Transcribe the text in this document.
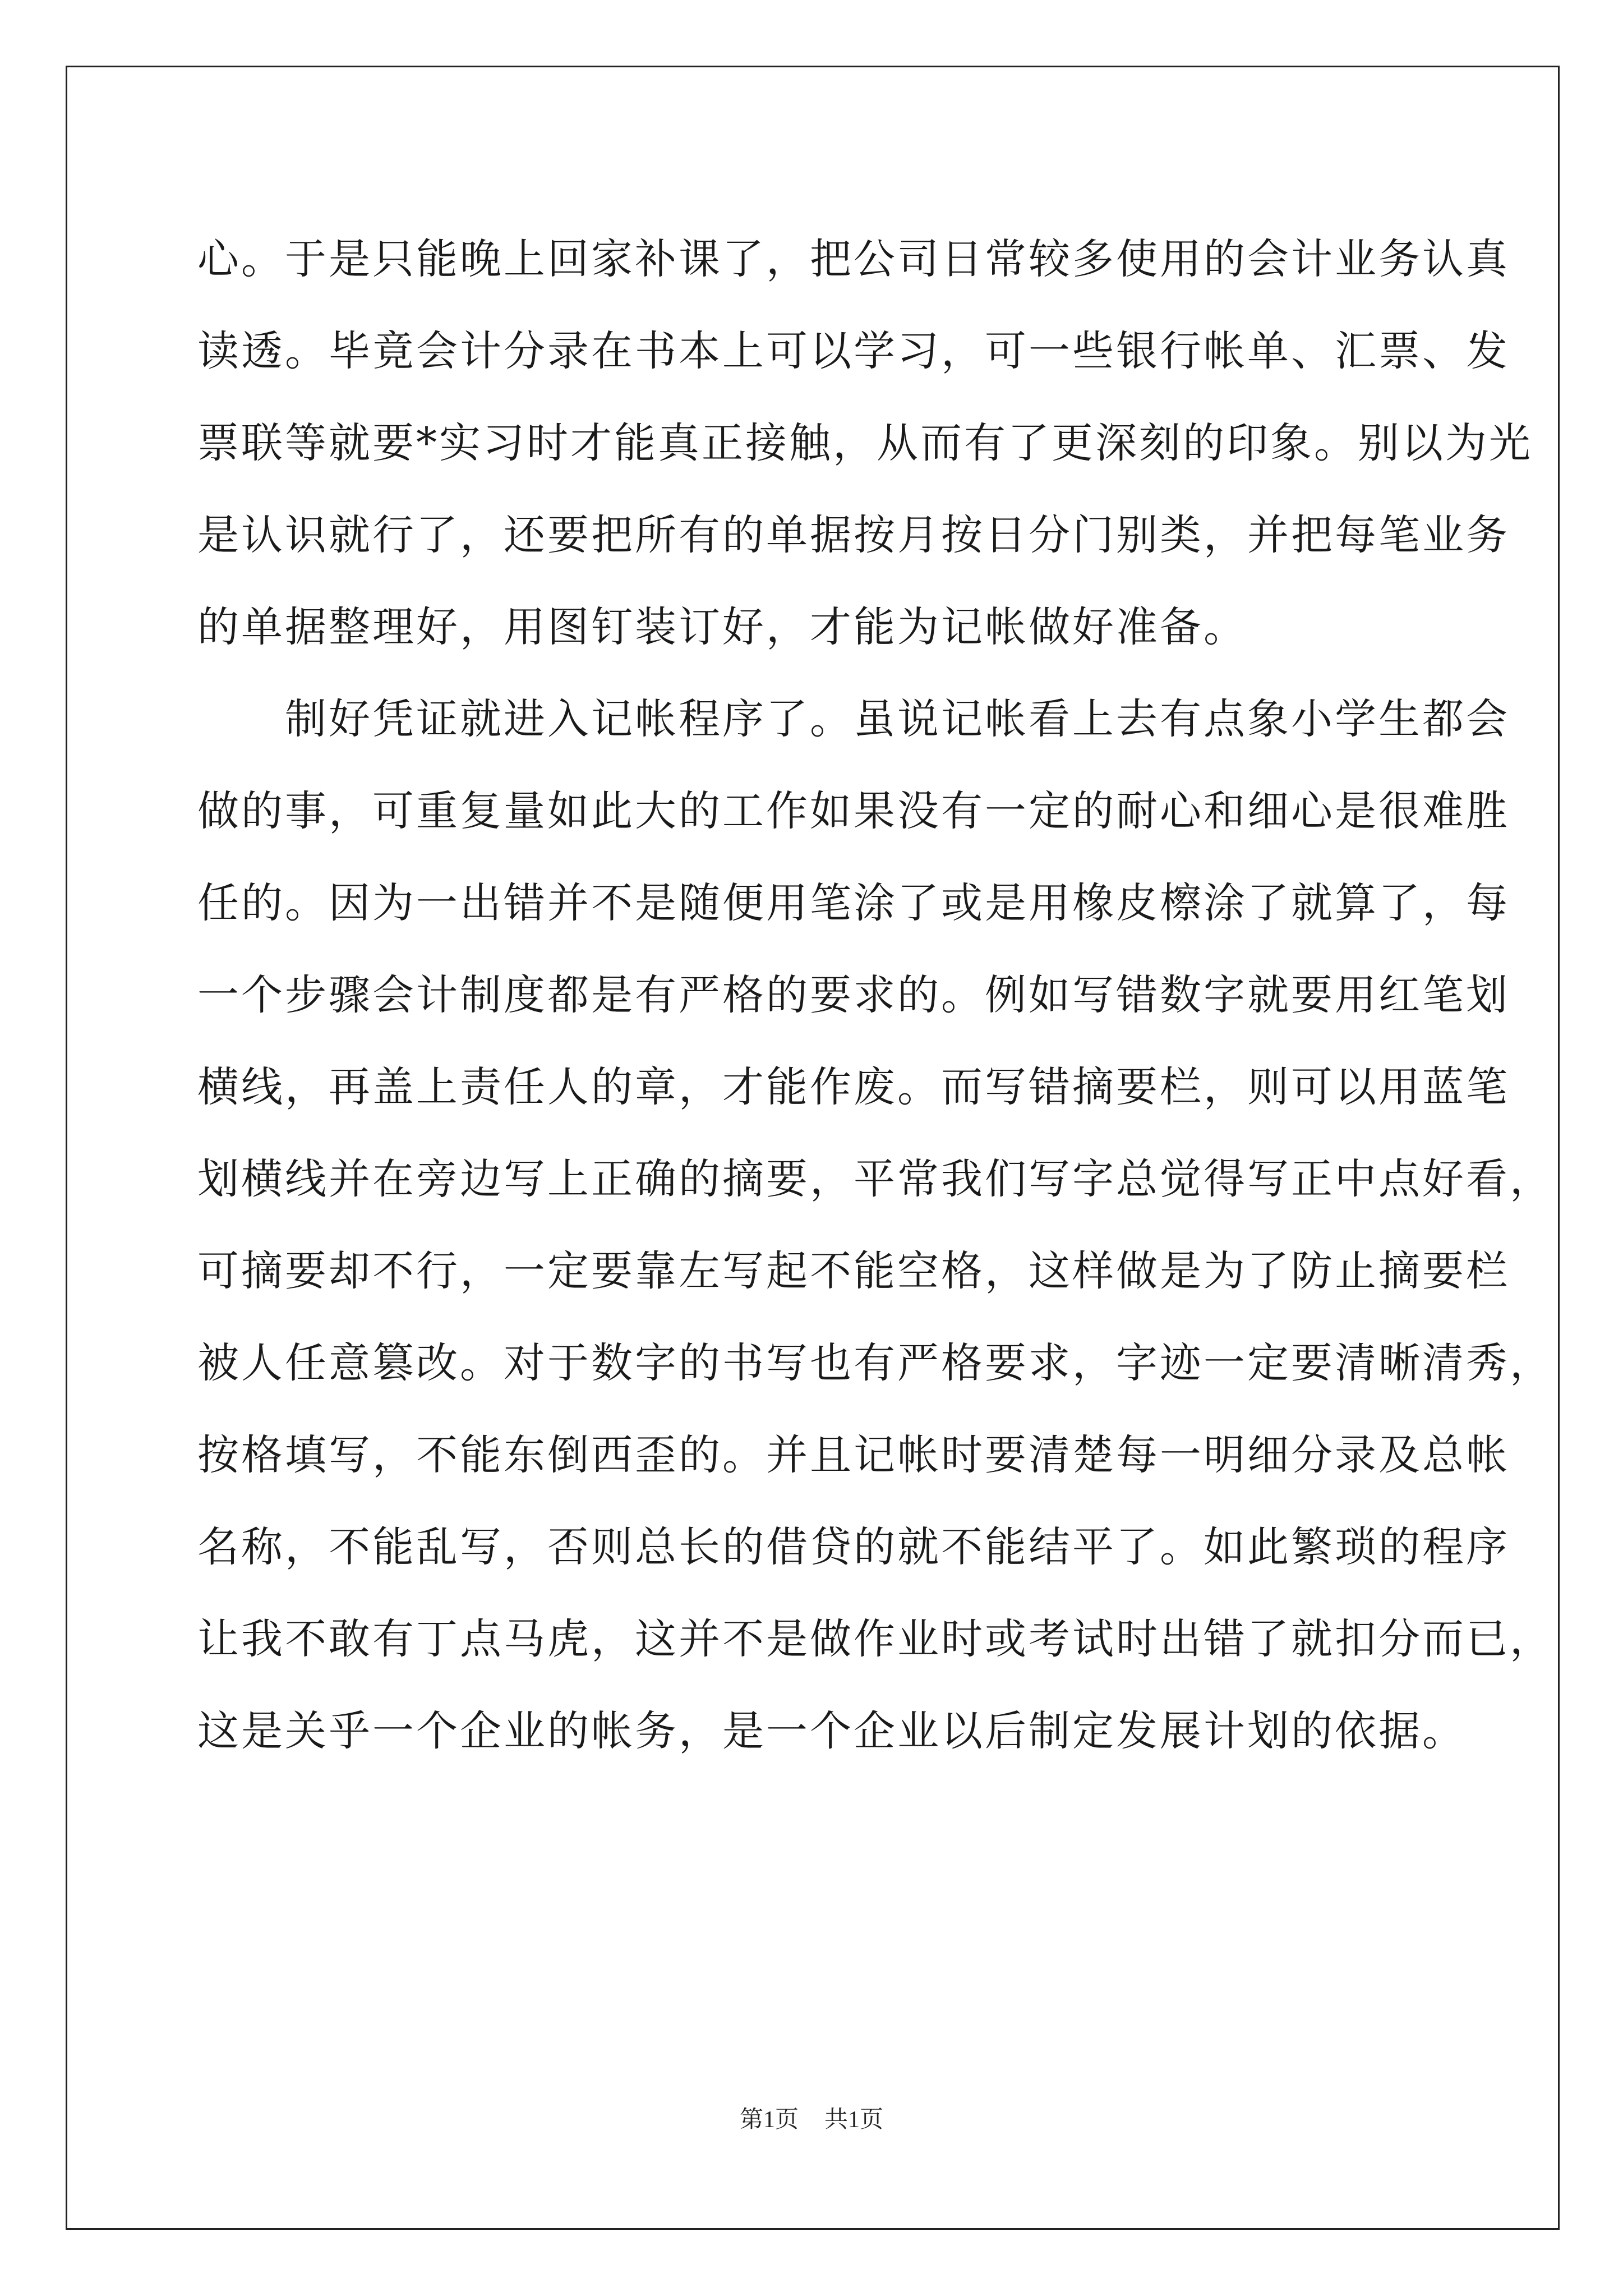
心。于是只能晚上回家补课了，把公司日常较多使用的会计业务认真
读透。毕竟会计分录在书本上可以学习，可一些银行帐单、汇票、发
票联等就要*实习时才能真正接触，从而有了更深刻的印象。别以为光
是认识就行了，还要把所有的单据按月按日分门别类，并把每笔业务
的单据整理好，用图钉装订好，才能为记帐做好准备。

　　制好凭证就进入记帐程序了。虽说记帐看上去有点象小学生都会
做的事，可重复量如此大的工作如果没有一定的耐心和细心是很难胜
任的。因为一出错并不是随便用笔涂了或是用橡皮檫涂了就算了，每
一个步骤会计制度都是有严格的要求的。例如写错数字就要用红笔划
横线，再盖上责任人的章，才能作废。而写错摘要栏，则可以用蓝笔
划横线并在旁边写上正确的摘要，平常我们写字总觉得写正中点好看，
可摘要却不行，一定要靠左写起不能空格，这样做是为了防止摘要栏
被人任意篡改。对于数字的书写也有严格要求，字迹一定要清晰清秀，
按格填写，不能东倒西歪的。并且记帐时要清楚每一明细分录及总帐
名称，不能乱写，否则总长的借贷的就不能结平了。如此繁琐的程序
让我不敢有丁点马虎，这并不是做作业时或考试时出错了就扣分而已，
这是关乎一个企业的帐务，是一个企业以后制定发展计划的依据。

第1页 共1页
